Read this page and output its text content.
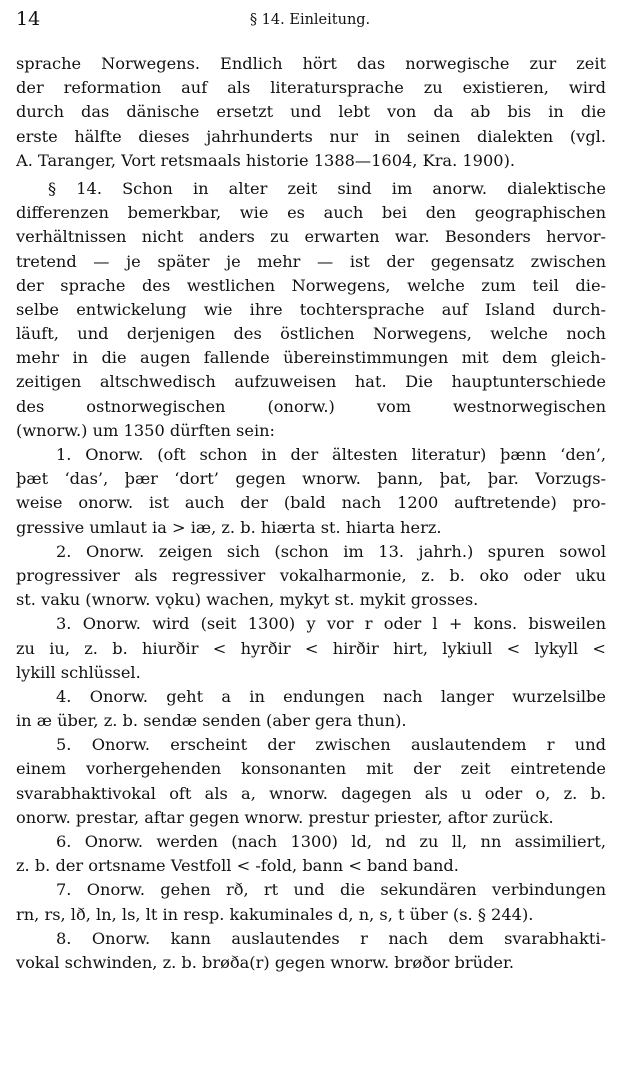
14	§ 14. Einleitung.
sprache Norwegens. Endlich hört das norwegische zur zeit
der reformation auf als literatursprache zu existieren, wird
durch das dänische ersetzt und lebt von da ab bis in die
erste hälfte dieses jahrhunderts nur in seinen dialekten (vgl.
A. Taranger, Vort retsmaals historie 1388—1604, Kra. 1900).
§ 14. Schon in alter zeit sind im anorw. dialektische
differenzen bemerkbar, wie es auch bei den geographischen
verhältnissen nicht anders zu erwarten war. Besonders hervor-
tretend — je später je mehr — ist der gegensatz zwischen
der sprache des westlichen Norwegens, welche zum teil die-
selbe entwickelung wie ihre tochtersprache auf Island durch-
läuft, und derjenigen des östlichen Norwegens, welche noch
mehr in die augen fallende übereinstimmungen mit dem gleich-
zeitigen altschwedisch aufzuweisen hat. Die hauptunterschiede
des ostnorwegischen (onorw.) vom westnorwegischen
(wnorw.) um 1350 dürften sein:
1. Onorw. (oft schon in der ältesten literatur) þænn ‘den’,
þæt ‘das’, þær ‘dort’ gegen wnorw. þann, þat, þar. Vorzugs-
weise onorw. ist auch der (bald nach 1200 auftretende) pro-
gressive umlaut ia > iæ, z. b. hiærta st. hiarta herz.
2. Onorw. zeigen sich (schon im 13. jahrh.) spuren sowol
progressiver als regressiver vokalharmonie, z. b. oko oder uku
st. vaku (wnorw. vǫku) wachen, mykyt st. mykit grosses.
3. Onorw. wird (seit 1300) y vor r oder l + kons. bisweilen
zu iu, z. b. hiurðir < hyrðir < hirðir hirt, lykiull < lykyll <
lykill schlüssel.
4. Onorw. geht a in endungen nach langer wurzelsilbe
in æ über, z. b. sendæ senden (aber gera thun).
5. Onorw. erscheint der zwischen auslautendem r und
einem vorhergehenden konsonanten mit der zeit eintretende
svarabhaktivokal oft als a, wnorw. dagegen als u oder o, z. b.
onorw. prestar, aftar gegen wnorw. prestur priester, aftor zurück.
6. Onorw. werden (nach 1300) ld, nd zu ll, nn assimiliert,
z. b. der ortsname Vestfoll < -fold, bann < band band.
7. Onorw. gehen rð, rt und die sekundären verbindungen
rn, rs, lð, ln, ls, lt in resp. kakuminales d, n, s, t über (s. § 244).
8. Onorw. kann auslautendes r nach dem svarabhakti-
vokal schwinden, z. b. brøða(r) gegen wnorw. brøðor brüder.
